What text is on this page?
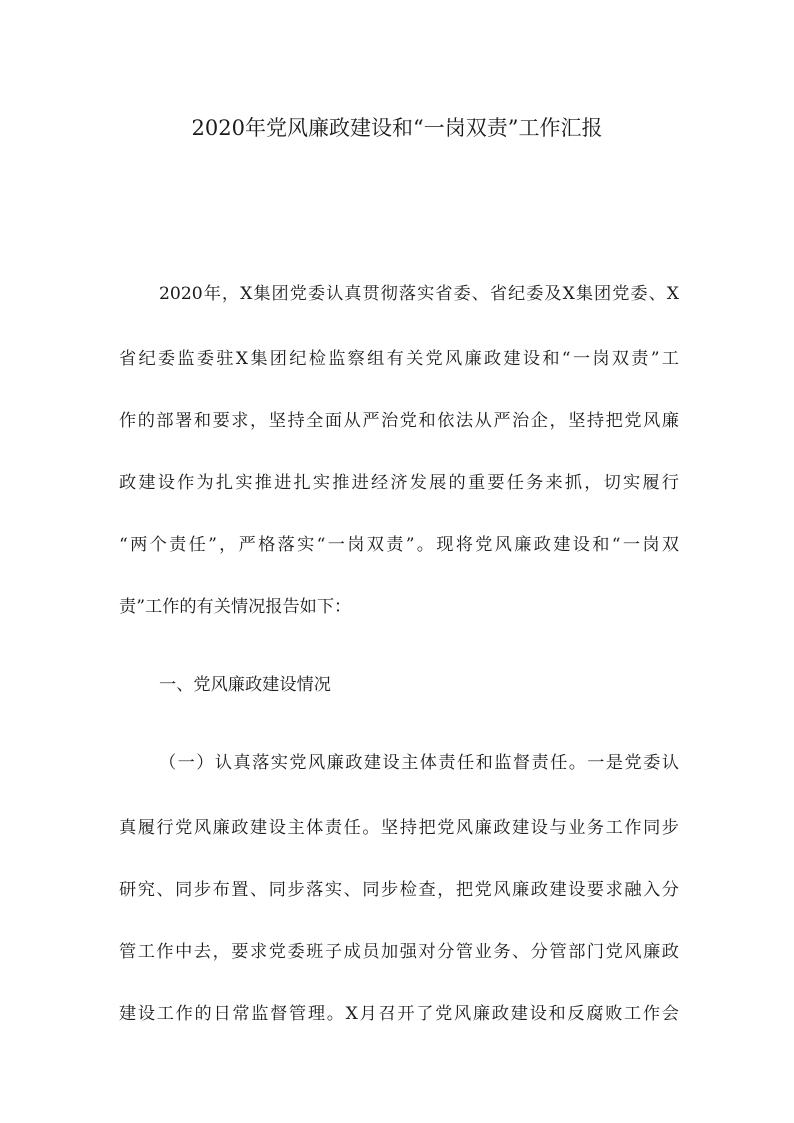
2020年党风廉政建设和“一岗双责”工作汇报
2020年，X集团党委认真贯彻落实省委、省纪委及X集团党委、X
省纪委监委驻X集团纪检监察组有关党风廉政建设和“一岗双责”工
作的部署和要求，坚持全面从严治党和依法从严治企，坚持把党风廉
政建设作为扎实推进扎实推进经济发展的重要任务来抓，切实履行
“两个责任”，严格落实“一岗双责”。现将党风廉政建设和“一岗双
责”工作的有关情况报告如下：
一、党风廉政建设情况
（一）认真落实党风廉政建设主体责任和监督责任。一是党委认
真履行党风廉政建设主体责任。坚持把党风廉政建设与业务工作同步
研究、同步布置、同步落实、同步检查，把党风廉政建设要求融入分
管工作中去，要求党委班子成员加强对分管业务、分管部门党风廉政
建设工作的日常监督管理。X月召开了党风廉政建设和反腐败工作会
